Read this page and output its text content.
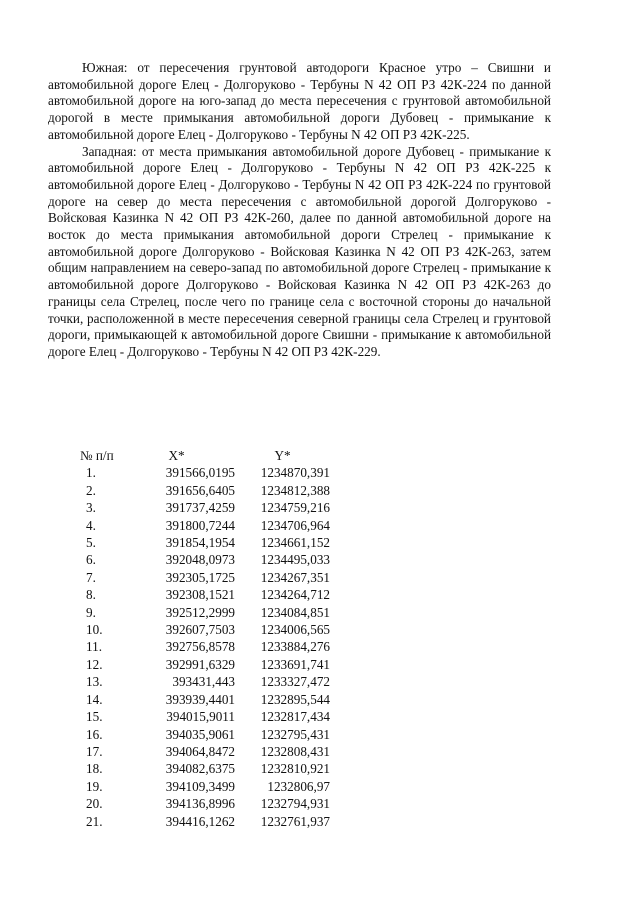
Южная: от пересечения грунтовой автодороги Красное утро – Свишни и автомобильной дороге Елец - Долгоруково - Тербуны N 42 ОП РЗ 42К-224 по данной автомобильной дороге на юго-запад до места пересечения с грунтовой автомобильной дорогой в месте примыкания автомобильной дороги Дубовец - примыкание к автомобильной дороге Елец - Долгоруково - Тербуны N 42 ОП РЗ 42К-225.

Западная: от места примыкания автомобильной дороге Дубовец - примыкание к автомобильной дороге Елец - Долгоруково - Тербуны N 42 ОП РЗ 42К-225 к автомобильной дороге Елец - Долгоруково - Тербуны N 42 ОП РЗ 42К-224 по грунтовой дороге на север до места пересечения с автомобильной дорогой Долгоруково - Войсковая Казинка N 42 ОП РЗ 42К-260, далее по данной автомобильной дороге на восток до места примыкания автомобильной дороги Стрелец - примыкание к автомобильной дороге Долгоруково - Войсковая Казинка N 42 ОП РЗ 42К-263, затем общим направлением на северо-запад по автомобильной дороге Стрелец - примыкание к автомобильной дороге Долгоруково - Войсковая Казинка N 42 ОП РЗ 42К-263 до границы села Стрелец, после чего по границе села с восточной стороны до начальной точки, расположенной в месте пересечения северной границы села Стрелец и грунтовой дороги, примыкающей к автомобильной дороге Свишни - примыкание к автомобильной дороге Елец - Долгоруково - Тербуны N 42 ОП РЗ 42К-229.

№ п/п	X*	Y*
1.	391566,0195	1234870,391
2.	391656,6405	1234812,388
3.	391737,4259	1234759,216
4.	391800,7244	1234706,964
5.	391854,1954	1234661,152
6.	392048,0973	1234495,033
7.	392305,1725	1234267,351
8.	392308,1521	1234264,712
9.	392512,2999	1234084,851
10.	392607,7503	1234006,565
11.	392756,8578	1233884,276
12.	392991,6329	1233691,741
13.	393431,443	1233327,472
14.	393939,4401	1232895,544
15.	394015,9011	1232817,434
16.	394035,9061	1232795,431
17.	394064,8472	1232808,431
18.	394082,6375	1232810,921
19.	394109,3499	1232806,97
20.	394136,8996	1232794,931
21.	394416,1262	1232761,937
